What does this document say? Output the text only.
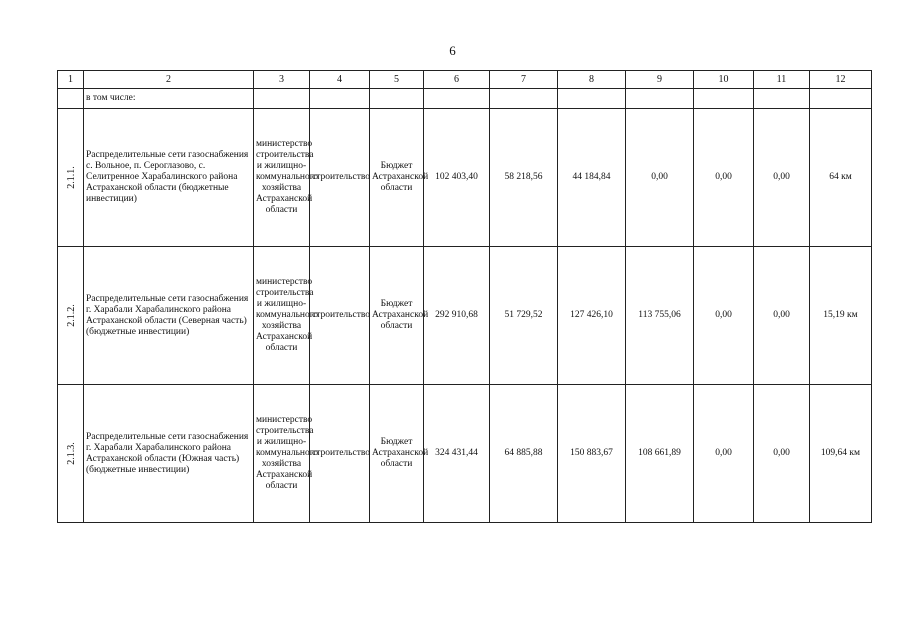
6
1	2	3	4	5	6	7	8	9	10	11	12
	в том числе:										
2.1.1.	Распределительные сети газоснабжения с. Вольное, п. Сероглазово, с. Селитренное Харабалинского района Астраханской области (бюджетные инвестиции)	министерство строительства и жилищно-коммунального хозяйства Астраханской области	строительство	Бюджет Астраханской области	102 403,40	58 218,56	44 184,84	0,00	0,00	0,00	64 км
2.1.2.	Распределительные сети газоснабжения г. Харабали Харабалинского района Астраханской области (Северная часть) (бюджетные инвестиции)	министерство строительства и жилищно-коммунального хозяйства Астраханской области	строительство	Бюджет Астраханской области	292 910,68	51 729,52	127 426,10	113 755,06	0,00	0,00	15,19 км
2.1.3.	Распределительные сети газоснабжения г. Харабали Харабалинского района Астраханской области (Южная часть) (бюджетные инвестиции)	министерство строительства и жилищно-коммунального хозяйства Астраханской области	строительство	Бюджет Астраханской области	324 431,44	64 885,88	150 883,67	108 661,89	0,00	0,00	109,64 км
